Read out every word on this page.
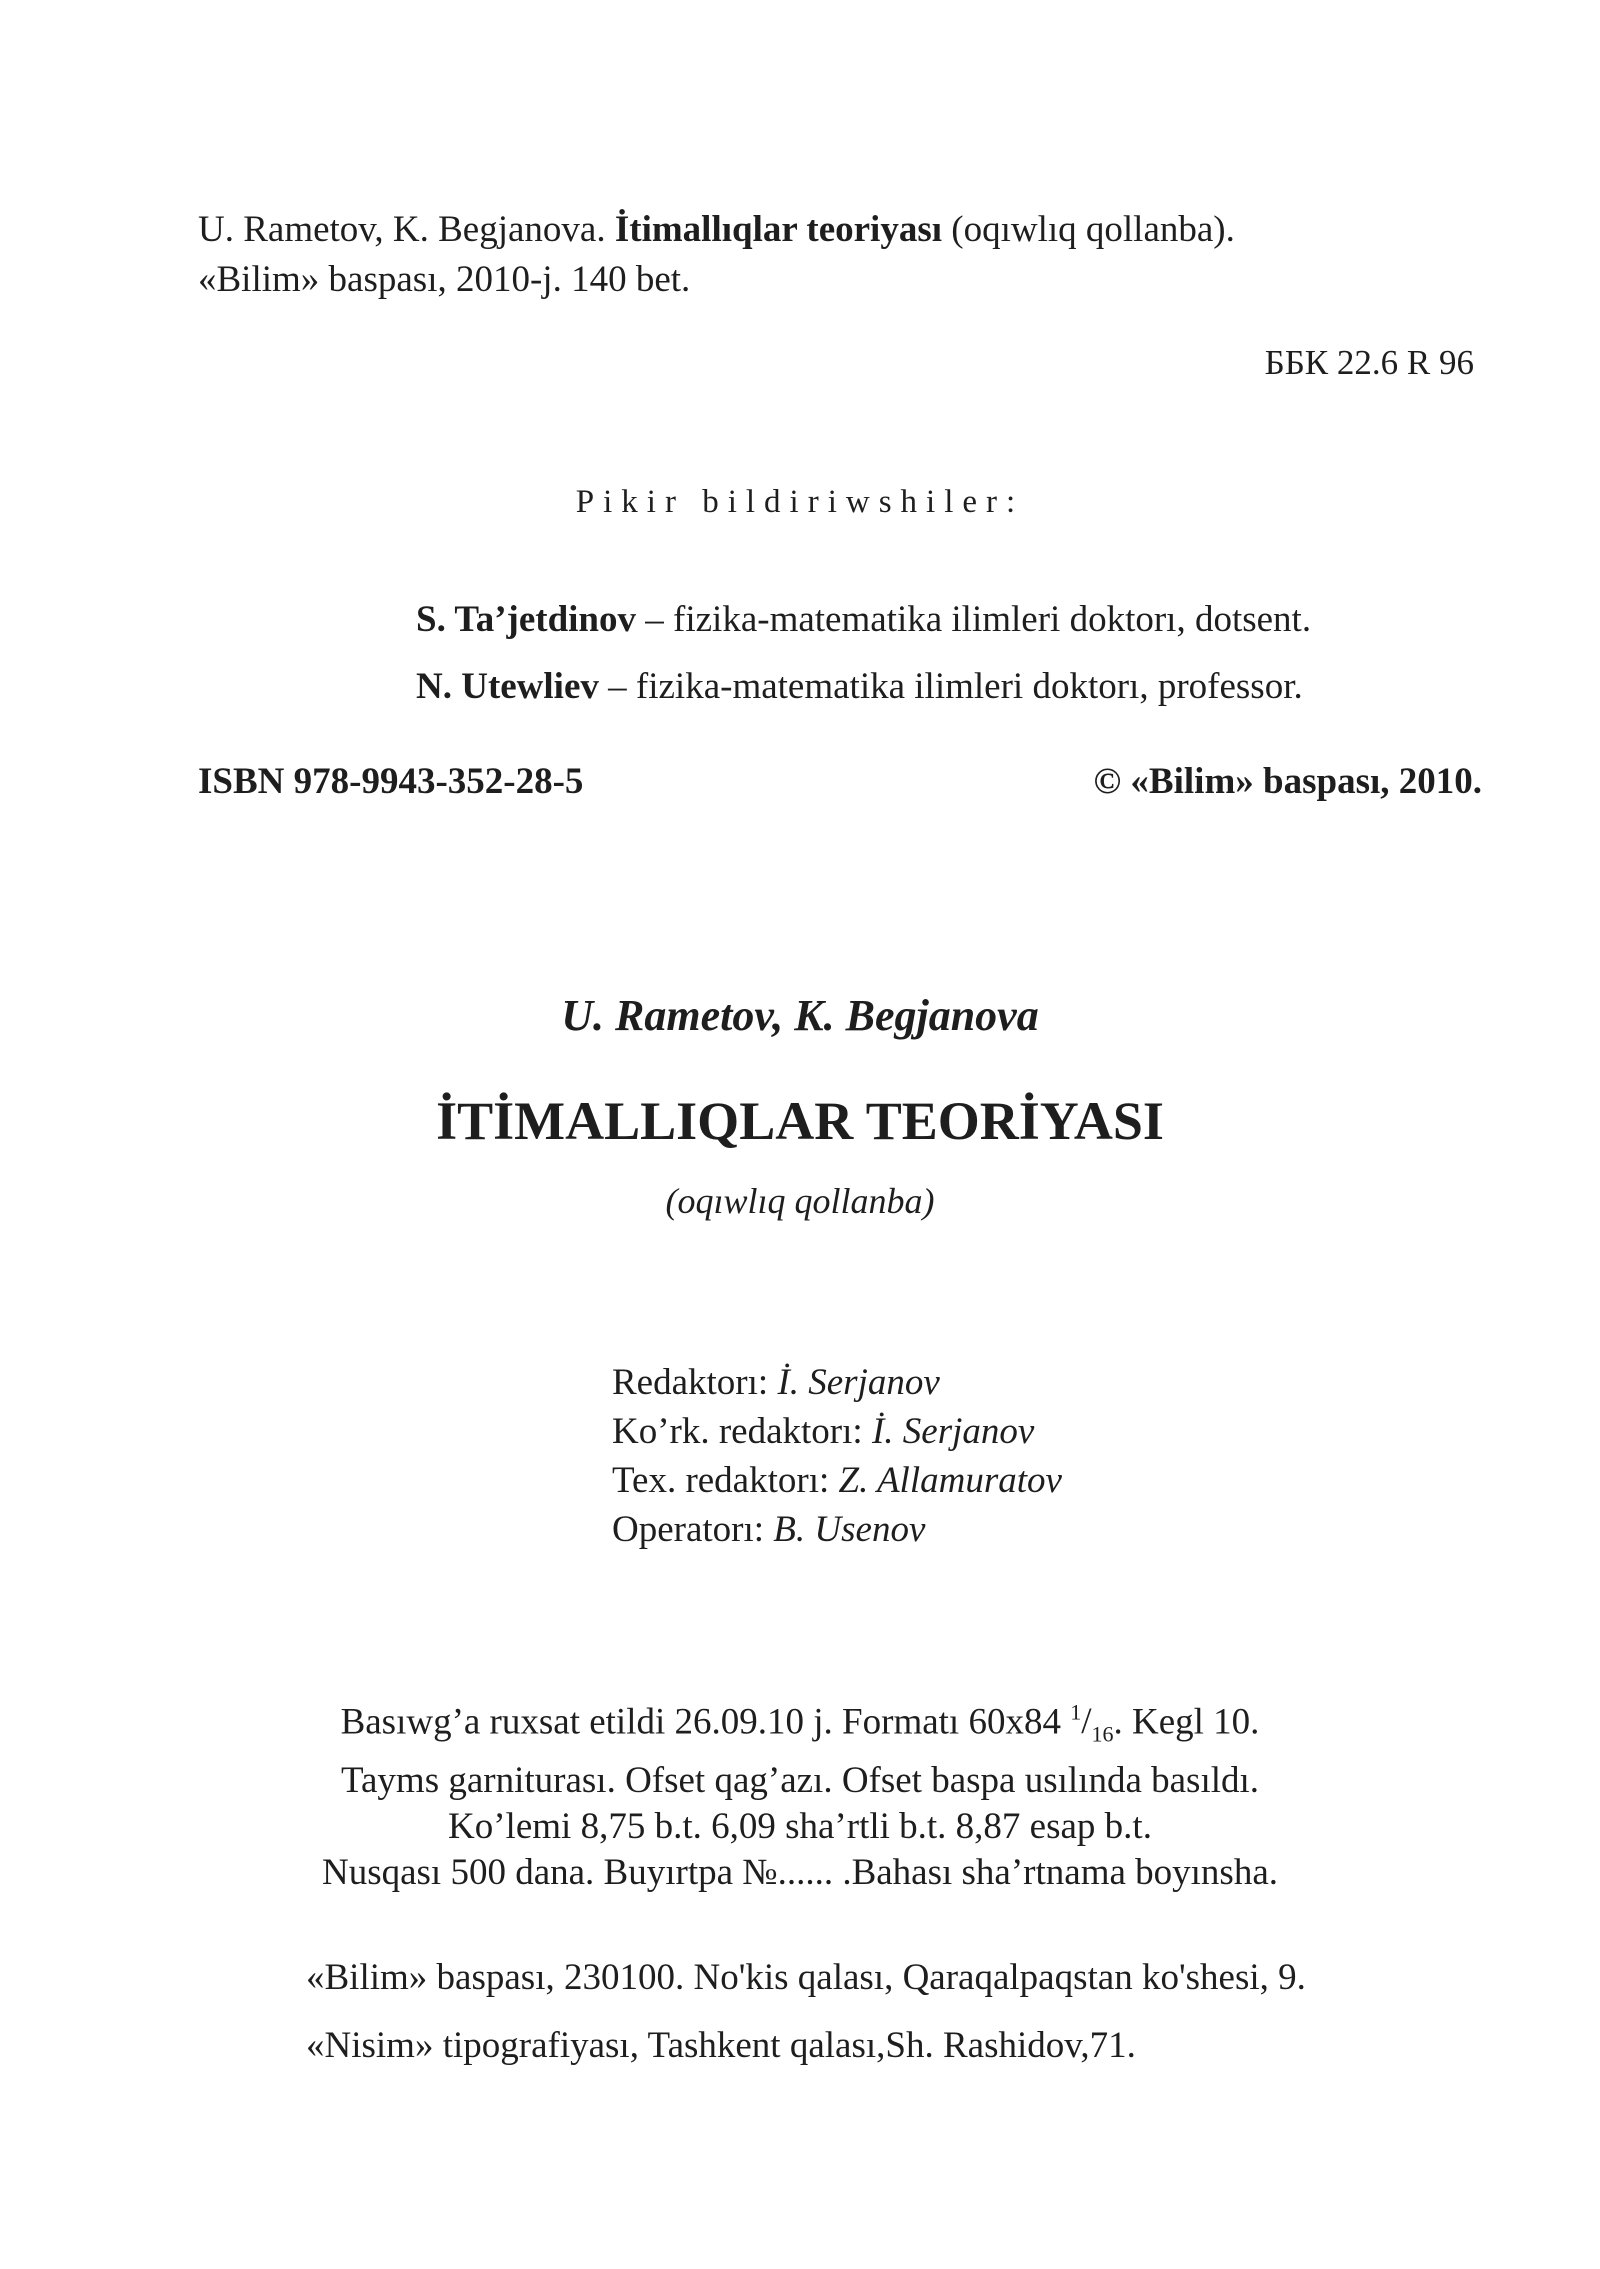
U. Rametov, K. Begjanova. İtimallıqlar teoriyası (oqıwlıq qollanba).
«Bilim» baspası, 2010-j. 140 bet.
ББК 22.6 R 96
Pikir bildiriwshiler:
S. Ta’jetdinov – fizika-matematika ilimleri doktorı, dotsent.
N. Utewliev – fizika-matematika ilimleri doktorı, professor.
ISBN 978-9943-352-28-5	© «Bilim» baspası, 2010.
U. Rametov, K. Begjanova
İTİMALLIQLAR TEORİYASI
(oqıwlıq qollanba)
Redaktorı: İ. Serjanov
Ko’rk. redaktorı: İ. Serjanov
Tex. redaktorı: Z. Allamuratov
Operatorı: B. Usenov
Basıwg’a ruxsat etildi 26.09.10 j. Formatı 60x84 $^1/_{16}$. Kegl 10.
Tayms garniturası. Ofset qag’azı. Ofset baspa usılında basıldı.
Ko’lemi 8,75 b.t. 6,09 sha’rtli b.t. 8,87 esap b.t.
Nusqası 500 dana. Buyırtpa №...... .Bahası sha’rtnama boyınsha.
«Bilim» baspası, 230100. No'kis qalası, Qaraqalpaqstan ko'shesi, 9.
«Nisim» tipografiyası, Tashkent qalası,Sh. Rashidov,71.
